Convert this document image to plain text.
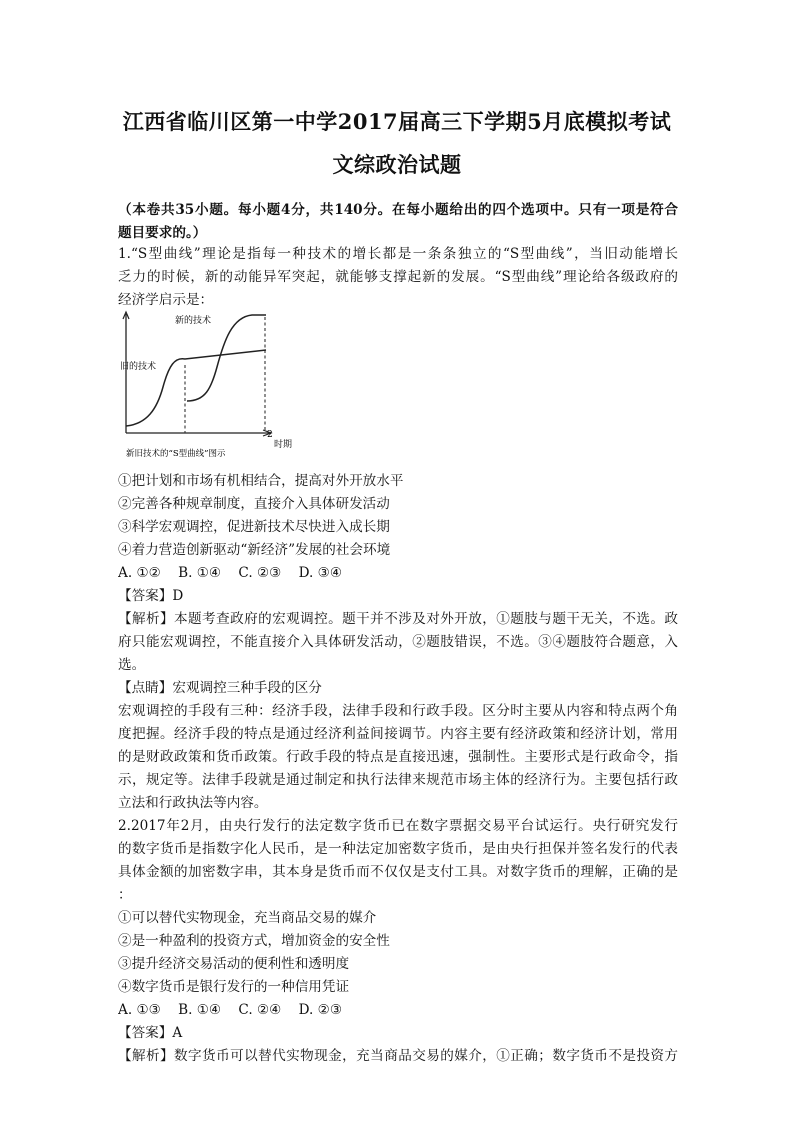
江西省临川区第一中学2017届高三下学期5月底模拟考试
文综政治试题
（本卷共35小题。每小题4分，共140分。在每小题给出的四个选项中。只有一项是符合
题目要求的。）
1.“S型曲线”理论是指每一种技术的增长都是一条条独立的“S型曲线”，当旧动能增长
乏力的时候，新的动能异军突起，就能够支撑起新的发展。“S型曲线”理论给各级政府的
经济学启示是：
新的技术
旧的技术
2
时期
新旧技术的“S型曲线”图示
①把计划和市场有机相结合，提高对外开放水平
②完善各种规章制度，直接介入具体研发活动
③科学宏观调控，促进新技术尽快进入成长期
④着力营造创新驱动“新经济”发展的社会环境
A. ①②    B. ①④    C. ②③    D. ③④
【答案】D
【解析】本题考查政府的宏观调控。题干并不涉及对外开放，①题肢与题干无关，不选。政
府只能宏观调控，不能直接介入具体研发活动，②题肢错误，不选。③④题肢符合题意，入
选。
【点睛】宏观调控三种手段的区分
宏观调控的手段有三种：经济手段，法律手段和行政手段。区分时主要从内容和特点两个角
度把握。经济手段的特点是通过经济利益间接调节。内容主要有经济政策和经济计划，常用
的是财政政策和货币政策。行政手段的特点是直接迅速，强制性。主要形式是行政命令，指
示，规定等。法律手段就是通过制定和执行法律来规范市场主体的经济行为。主要包括行政
立法和行政执法等内容。
2.2017年2月，由央行发行的法定数字货币已在数字票据交易平台试运行。央行研究发行
的数字货币是指数字化人民币，是一种法定加密数字货币，是由央行担保并签名发行的代表
具体金额的加密数字串，其本身是货币而不仅仅是支付工具。对数字货币的理解，正确的是
：
①可以替代实物现金，充当商品交易的媒介
②是一种盈利的投资方式，增加资金的安全性
③提升经济交易活动的便利性和透明度
④数字货币是银行发行的一种信用凭证
A. ①③    B. ①④    C. ②④    D. ②③
【答案】A
【解析】数字货币可以替代实物现金，充当商品交易的媒介，①正确；数字货币不是投资方
